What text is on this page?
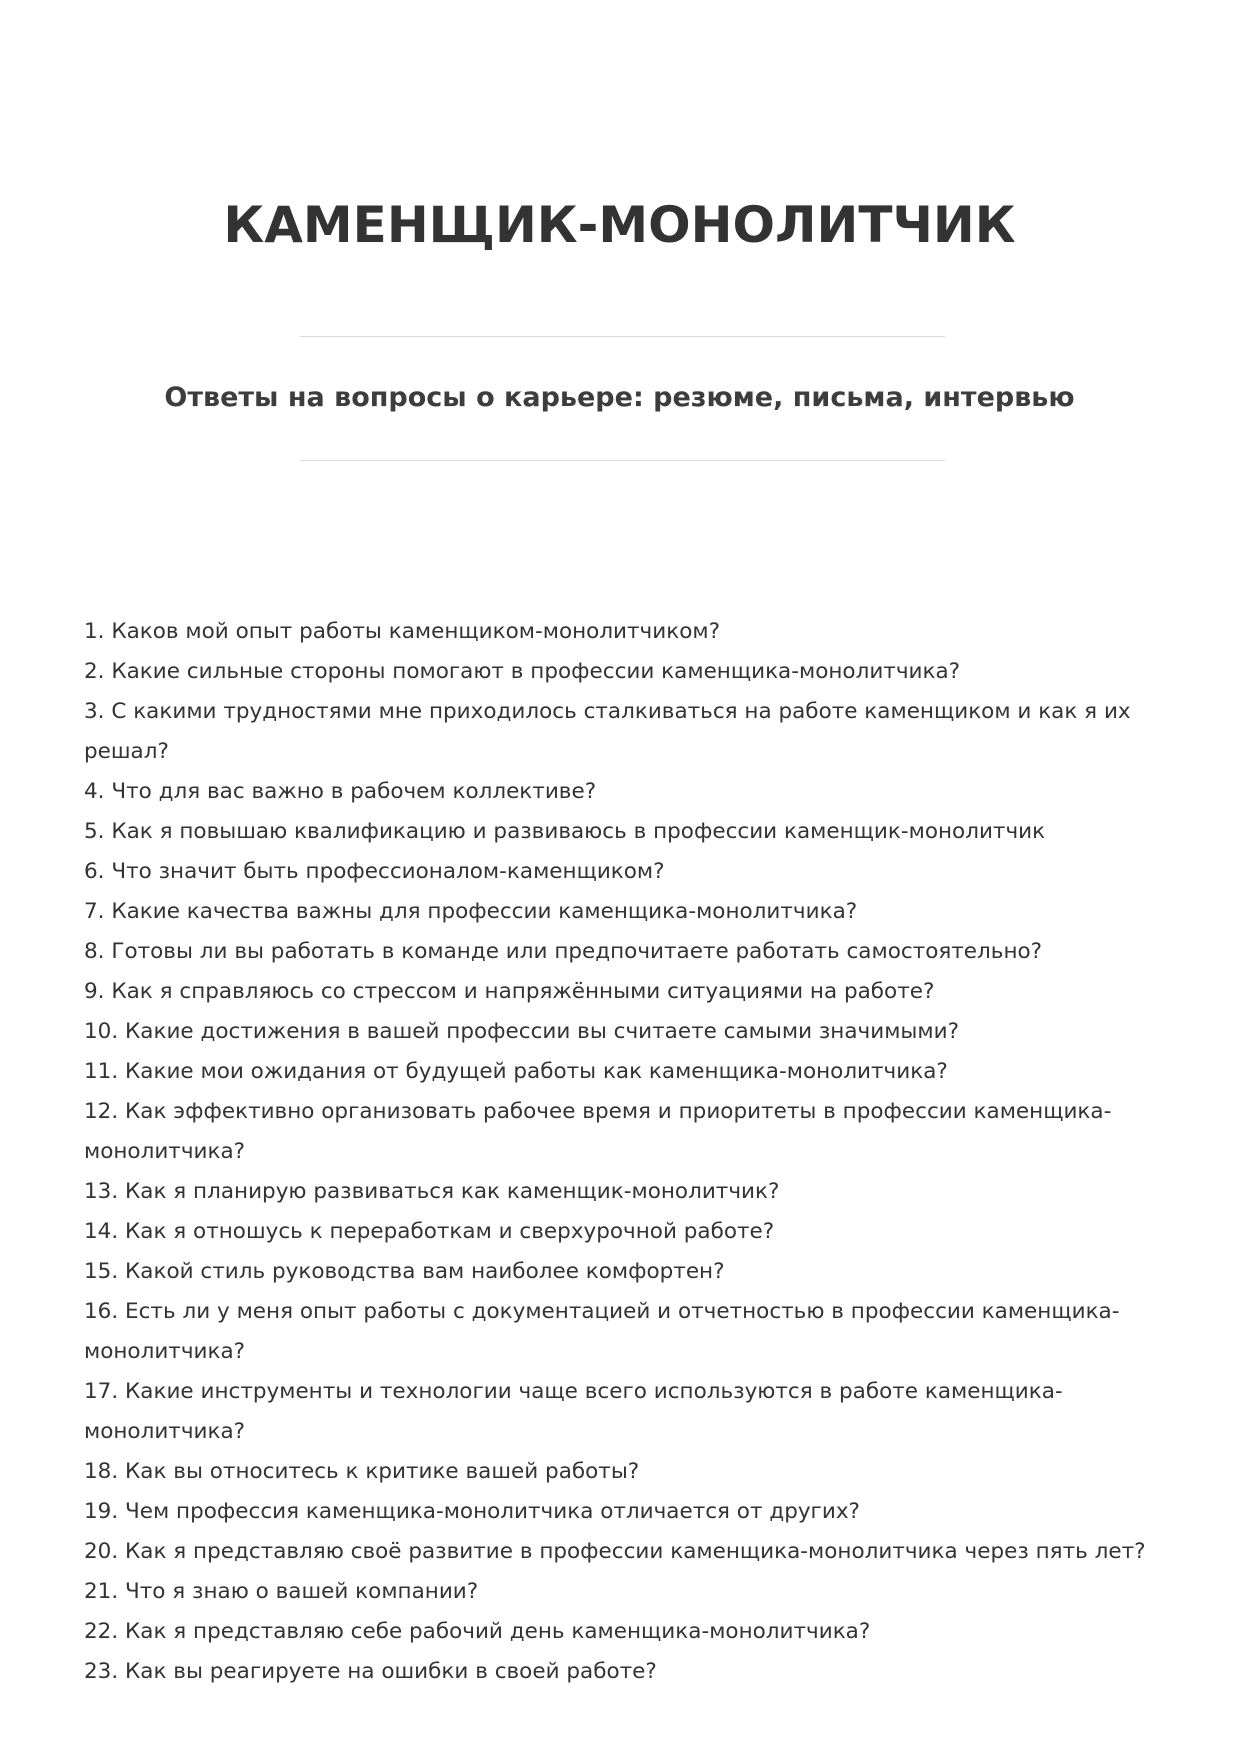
КАМЕНЩИК-МОНОЛИТЧИК
Ответы на вопросы о карьере: резюме, письма, интервью
1. Каков мой опыт работы каменщиком-монолитчиком?
2. Какие сильные стороны помогают в профессии каменщика-монолитчика?
3. С какими трудностями мне приходилось сталкиваться на работе каменщиком и как я их решал?
4. Что для вас важно в рабочем коллективе?
5. Как я повышаю квалификацию и развиваюсь в профессии каменщик-монолитчик
6. Что значит быть профессионалом-каменщиком?
7. Какие качества важны для профессии каменщика-монолитчика?
8. Готовы ли вы работать в команде или предпочитаете работать самостоятельно?
9. Как я справляюсь со стрессом и напряжёнными ситуациями на работе?
10. Какие достижения в вашей профессии вы считаете самыми значимыми?
11. Какие мои ожидания от будущей работы как каменщика-монолитчика?
12. Как эффективно организовать рабочее время и приоритеты в профессии каменщика-монолитчика?
13. Как я планирую развиваться как каменщик-монолитчик?
14. Как я отношусь к переработкам и сверхурочной работе?
15. Какой стиль руководства вам наиболее комфортен?
16. Есть ли у меня опыт работы с документацией и отчетностью в профессии каменщика-монолитчика?
17. Какие инструменты и технологии чаще всего используются в работе каменщика-монолитчика?
18. Как вы относитесь к критике вашей работы?
19. Чем профессия каменщика-монолитчика отличается от других?
20. Как я представляю своё развитие в профессии каменщика-монолитчика через пять лет?
21. Что я знаю о вашей компании?
22. Как я представляю себе рабочий день каменщика-монолитчика?
23. Как вы реагируете на ошибки в своей работе?
